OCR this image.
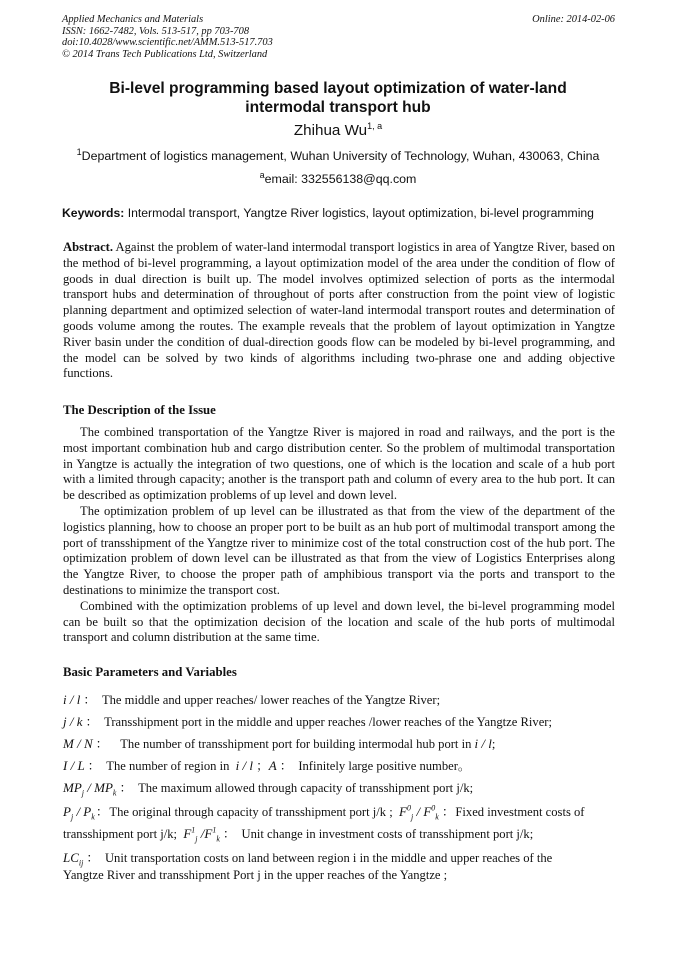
Applied Mechanics and Materials
ISSN: 1662-7482, Vols. 513-517, pp 703-708
doi:10.4028/www.scientific.net/AMM.513-517.703
© 2014 Trans Tech Publications Ltd, Switzerland
Online: 2014-02-06
Bi-level programming based layout optimization of water-land
intermodal transport hub
Zhihua Wu$^{1, a}$
$^1$Department of logistics management, Wuhan University of Technology, Wuhan, 430063, China
$^a$email: 332556138@qq.com
Keywords: Intermodal transport, Yangtze River logistics, layout optimization, bi-level programming

Abstract. Against the problem of water-land intermodal transport logistics in area of Yangtze River, based on the method of bi-level programming, a layout optimization model of the area under the condition of flow of goods in dual direction is built up. The model involves optimized selection of ports as the intermodal transport hubs and determination of throughout of ports after construction from the point view of logistic planning department and optimized selection of water-land intermodal transport routes and determination of goods volume among the routes. The example reveals that the problem of layout optimization in Yangtze River basin under the condition of dual-direction goods flow can be modeled by bi-level programming, and the model can be solved by two kinds of algorithms including two-phrase one and adding objective functions.

The Description of the Issue

The combined transportation of the Yangtze River is majored in road and railways, and the port is the most important combination hub and cargo distribution center. So the problem of multimodal transportation in Yangtze is actually the integration of two questions, one of which is the location and scale of a hub port with a limited through capacity; another is the transport path and column of every area to the hub port. It can be described as optimization problems of up level and down level.

The optimization problem of up level can be illustrated as that from the view of the department of the logistics planning, how to choose an proper port to be built as an hub port of multimodal transport among the port of transshipment of the Yangtze river to minimize cost of the total construction cost of the hub port. The optimization problem of down level can be illustrated as that from the view of Logistics Enterprises along the Yangtze River, to choose the proper path of amphibious transport via the ports and transport to the destinations to minimize the transport cost.

Combined with the optimization problems of up level and down level, the bi-level programming model can be built so that the optimization decision of the location and scale of the hub ports of multimodal transport and column distribution at the same time.

Basic Parameters and Variables
i / l ： The middle and upper reaches/ lower reaches of the Yangtze River;
j / k ： Transshipment port in the middle and upper reaches /lower reaches of the Yangtze River;
M / N ： The number of transshipment port for building intermodal hub port in i / l;
I / L ： The number of region in i / l ；A ： Infinitely large positive number。
$MP_j / MP_k$ ： The maximum allowed through capacity of transshipment port j/k;
$P_j / P_k$：The original through capacity of transshipment port j/k ; $F^0_j / F^0_k$ ：Fixed investment costs of
transshipment port j/k; $F^1_j$ $/F^1_k$ ： Unit change in investment costs of transshipment port j/k;
$LC_{ij}$ ： Unit transportation costs on land between region i in the middle and upper reaches of the
Yangtze River and transshipment Port j in the upper reaches of the Yangtze ;
